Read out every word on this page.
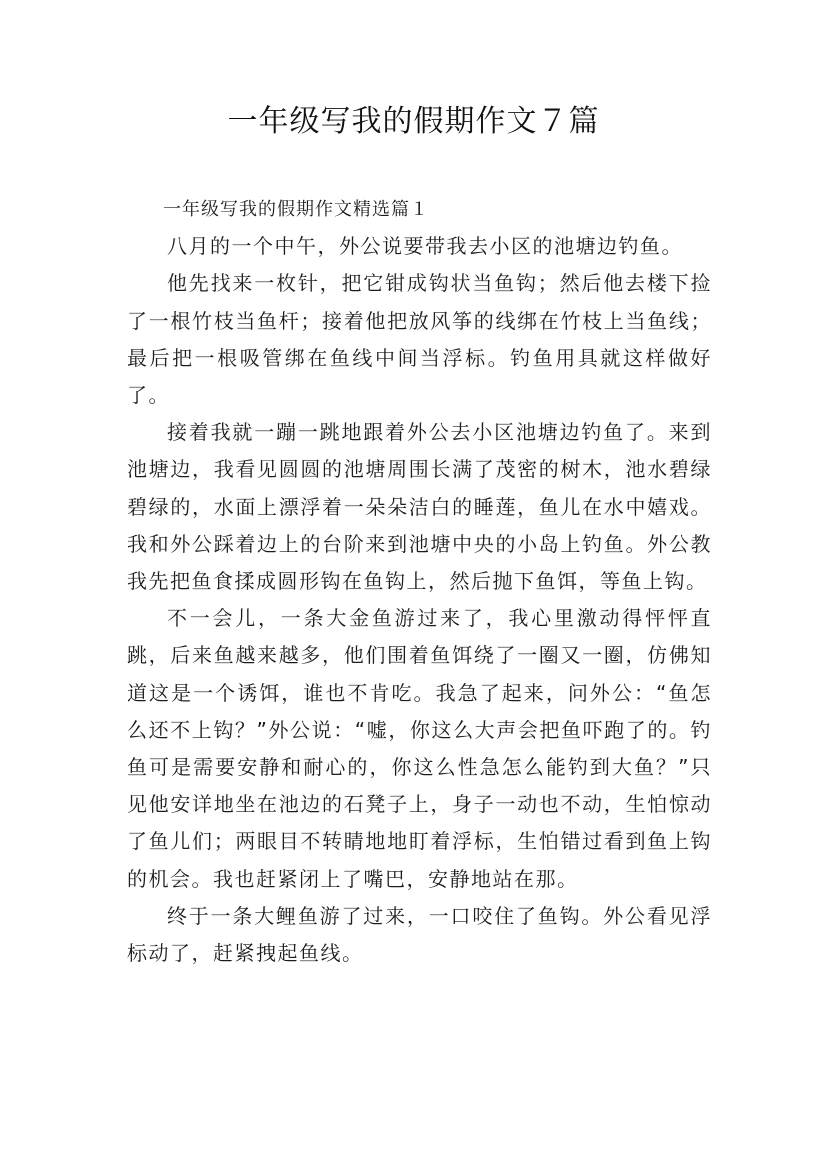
一年级写我的假期作文７篇

一年级写我的假期作文精选篇１

八月的一个中午，外公说要带我去小区的池塘边钓鱼。

他先找来一枚针，把它钳成钩状当鱼钩；然后他去楼下捡了一根竹枝当鱼杆；接着他把放风筝的线绑在竹枝上当鱼线；最后把一根吸管绑在鱼线中间当浮标。钓鱼用具就这样做好了。

接着我就一蹦一跳地跟着外公去小区池塘边钓鱼了。来到池塘边，我看见圆圆的池塘周围长满了茂密的树木，池水碧绿碧绿的，水面上漂浮着一朵朵洁白的睡莲，鱼儿在水中嬉戏。我和外公踩着边上的台阶来到池塘中央的小岛上钓鱼。外公教我先把鱼食揉成圆形钩在鱼钩上，然后抛下鱼饵，等鱼上钩。

不一会儿，一条大金鱼游过来了，我心里激动得怦怦直跳，后来鱼越来越多，他们围着鱼饵绕了一圈又一圈，仿佛知道这是一个诱饵，谁也不肯吃。我急了起来，问外公：“鱼怎么还不上钩？”外公说：“嘘，你这么大声会把鱼吓跑了的。钓鱼可是需要安静和耐心的，你这么性急怎么能钓到大鱼？”只见他安详地坐在池边的石凳子上，身子一动也不动，生怕惊动了鱼儿们；两眼目不转睛地地盯着浮标，生怕错过看到鱼上钩的机会。我也赶紧闭上了嘴巴，安静地站在那。

终于一条大鲤鱼游了过来，一口咬住了鱼钩。外公看见浮标动了，赶紧拽起鱼线。
